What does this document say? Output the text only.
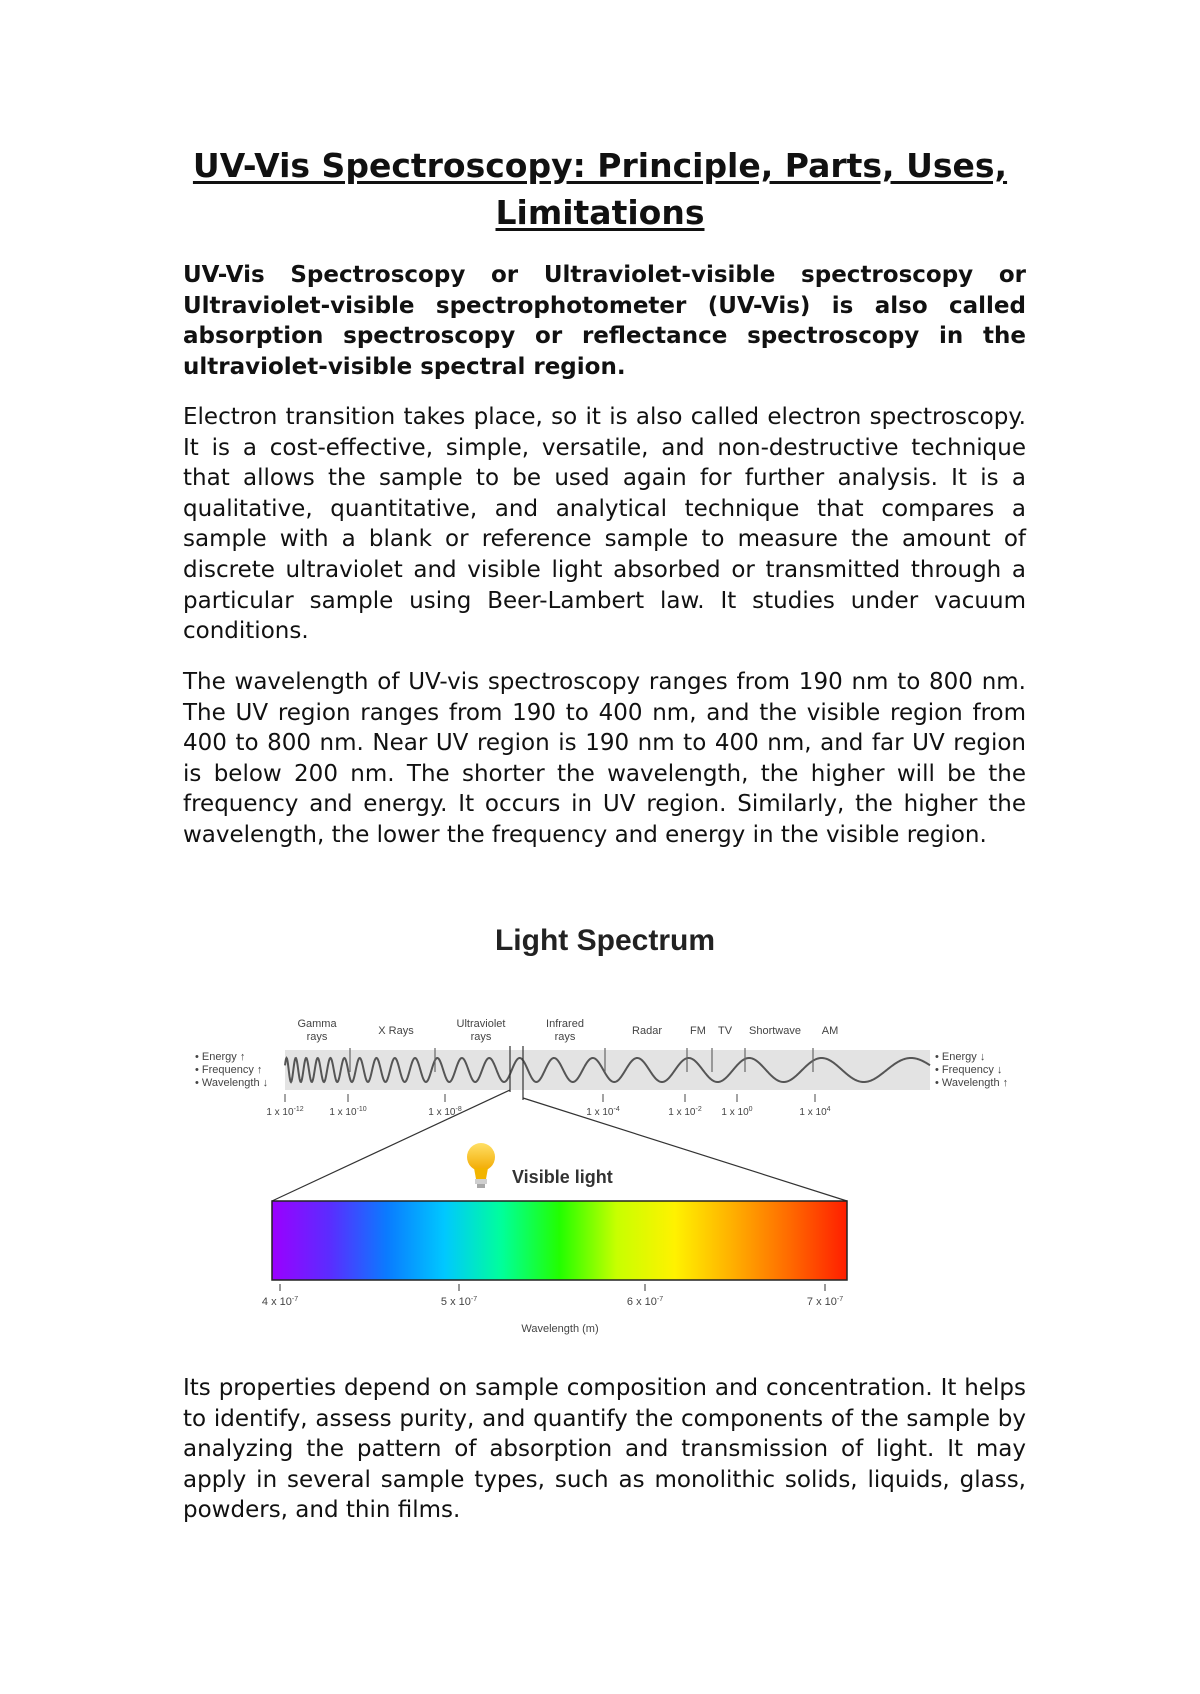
UV-Vis Spectroscopy: Principle, Parts, Uses, Limitations

UV-Vis Spectroscopy or Ultraviolet-visible spectroscopy or Ultraviolet-visible spectrophotometer (UV-Vis) is also called absorption spectroscopy or reflectance spectroscopy in the ultraviolet-visible spectral region.

Electron transition takes place, so it is also called electron spectroscopy. It is a cost-effective, simple, versatile, and non-destructive technique that allows the sample to be used again for further analysis. It is a qualitative, quantitative, and analytical technique that compares a sample with a blank or reference sample to measure the amount of discrete ultraviolet and visible light absorbed or transmitted through a particular sample using Beer-Lambert law. It studies under vacuum conditions.

The wavelength of UV-vis spectroscopy ranges from 190 nm to 800 nm. The UV region ranges from 190 to 400 nm, and the visible region from 400 to 800 nm. Near UV region is 190 nm to 400 nm, and far UV region is below 200 nm. The shorter the wavelength, the higher will be the frequency and energy. It occurs in UV region. Similarly, the higher the wavelength, the lower the frequency and energy in the visible region.

Light Spectrum
Gamma rays	X Rays
Ultraviolet rays
Infrared rays	Radar	FM TV Shortwave AM
• Energy ↑
• Frequency ↑
• Wavelength ↓
• Energy ↓
• Frequency ↓
• Wavelength ↑
1 x $10^{-12}$	1 x $10^{-10}$	1 x $10^{-8}$	1 x $10^{-4}$	1 x $10^{-2}$ 1 x $10^0$	1 x $10^4$
Visible light
4 x $10^{-7}$	5 x $10^{-7}$	6 x $10^{-7}$	7 x $10^{-7}$
Wavelength (m)

Its properties depend on sample composition and concentration. It helps to identify, assess purity, and quantify the components of the sample by analyzing the pattern of absorption and transmission of light. It may apply in several sample types, such as monolithic solids, liquids, glass, powders, and thin films.
